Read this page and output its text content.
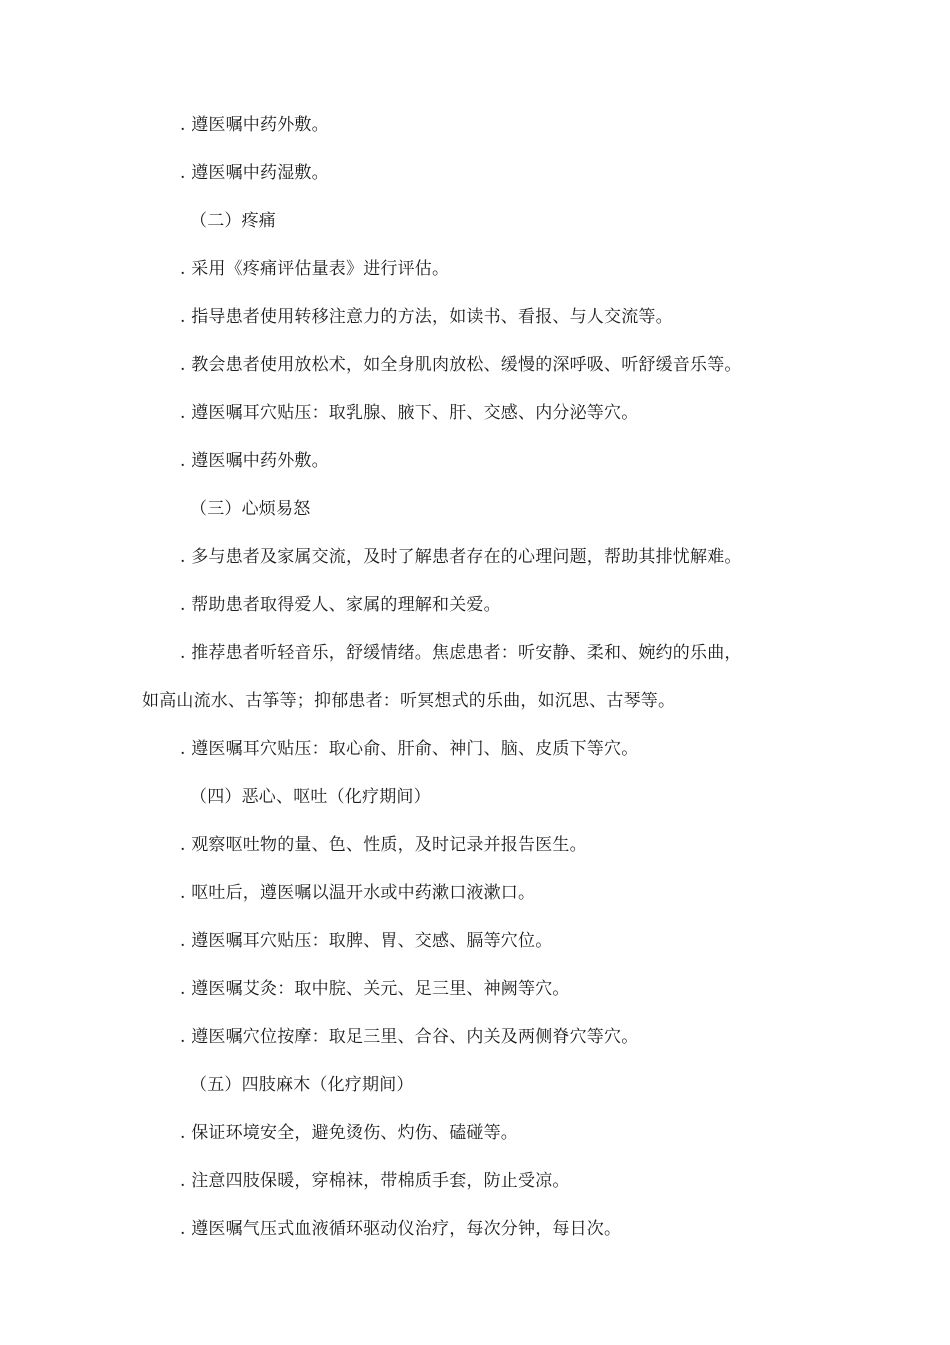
. 遵医嘱中药外敷。
. 遵医嘱中药湿敷。
（二）疼痛
. 采用《疼痛评估量表》进行评估。
. 指导患者使用转移注意力的方法，如读书、看报、与人交流等。
. 教会患者使用放松术，如全身肌肉放松、缓慢的深呼吸、听舒缓音乐等。
. 遵医嘱耳穴贴压：取乳腺、腋下、肝、交感、内分泌等穴。
. 遵医嘱中药外敷。
（三）心烦易怒
. 多与患者及家属交流，及时了解患者存在的心理问题，帮助其排忧解难。
. 帮助患者取得爱人、家属的理解和关爱。
. 推荐患者听轻音乐，舒缓情绪。焦虑患者：听安静、柔和、婉约的乐曲，
如高山流水、古筝等；抑郁患者：听冥想式的乐曲，如沉思、古琴等。
. 遵医嘱耳穴贴压：取心俞、肝俞、神门、脑、皮质下等穴。
（四）恶心、呕吐（化疗期间）
. 观察呕吐物的量、色、性质，及时记录并报告医生。
. 呕吐后，遵医嘱以温开水或中药漱口液漱口。
. 遵医嘱耳穴贴压：取脾、胃、交感、膈等穴位。
. 遵医嘱艾灸：取中脘、关元、足三里、神阙等穴。
. 遵医嘱穴位按摩：取足三里、合谷、内关及两侧脊穴等穴。
（五）四肢麻木（化疗期间）
. 保证环境安全，避免烫伤、灼伤、磕碰等。
. 注意四肢保暖，穿棉袜，带棉质手套，防止受凉。
. 遵医嘱气压式血液循环驱动仪治疗，每次分钟，每日次。
